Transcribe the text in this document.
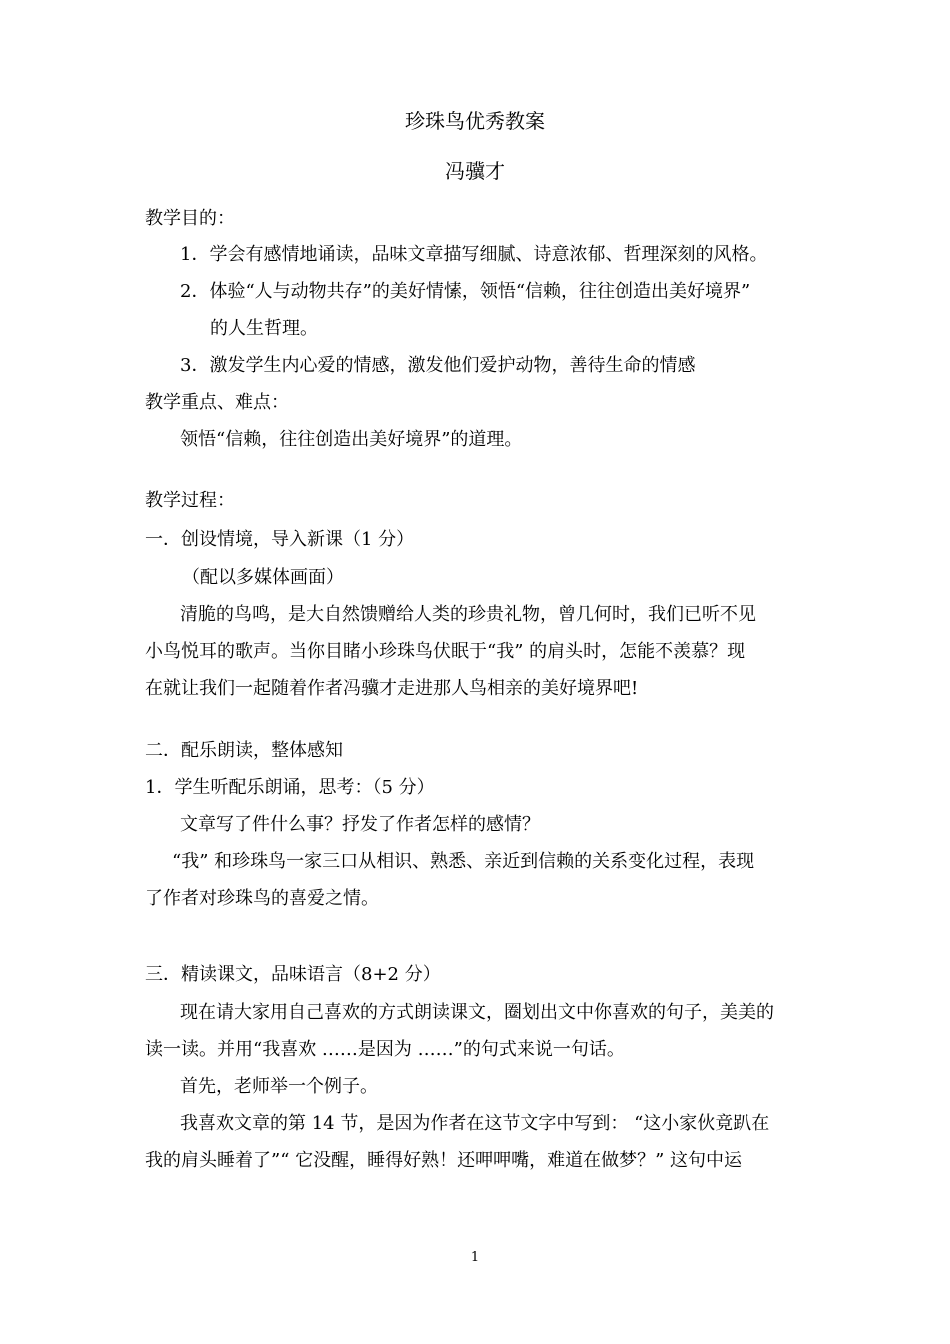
珍珠鸟优秀教案
冯骥才
教学目的：
1．学会有感情地诵读，品味文章描写细腻、诗意浓郁、哲理深刻的风格。
2．体验“人与动物共存”的美好情愫，领悟“信赖，往往创造出美好境界”
的人生哲理。
3．激发学生内心爱的情感，激发他们爱护动物，善待生命的情感
教学重点、难点：
领悟“信赖，往往创造出美好境界”的道理。
教学过程：
一．创设情境，导入新课（1 分）
（配以多媒体画面）
清脆的鸟鸣，是大自然馈赠给人类的珍贵礼物，曾几何时，我们已听不见
小鸟悦耳的歌声。当你目睹小珍珠鸟伏眠于“我” 的肩头时，怎能不羡慕？现
在就让我们一起随着作者冯骥才走进那人鸟相亲的美好境界吧!
二．配乐朗读，整体感知
1．学生听配乐朗诵，思考：（5 分）
文章写了件什么事？抒发了作者怎样的感情？
“我” 和珍珠鸟一家三口从相识、熟悉、亲近到信赖的关系变化过程，表现
了作者对珍珠鸟的喜爱之情。
三．精读课文，品味语言（8+2 分）
现在请大家用自己喜欢的方式朗读课文，圈划出文中你喜欢的句子，美美的
读一读。并用“我喜欢 ……是因为 ……”的句式来说一句话。
首先，老师举一个例子。
我喜欢文章的第 14 节，是因为作者在这节文字中写到： “这小家伙竟趴在
我的肩头睡着了”“ 它没醒，睡得好熟！还呷呷嘴，难道在做梦？” 这句中运
1
